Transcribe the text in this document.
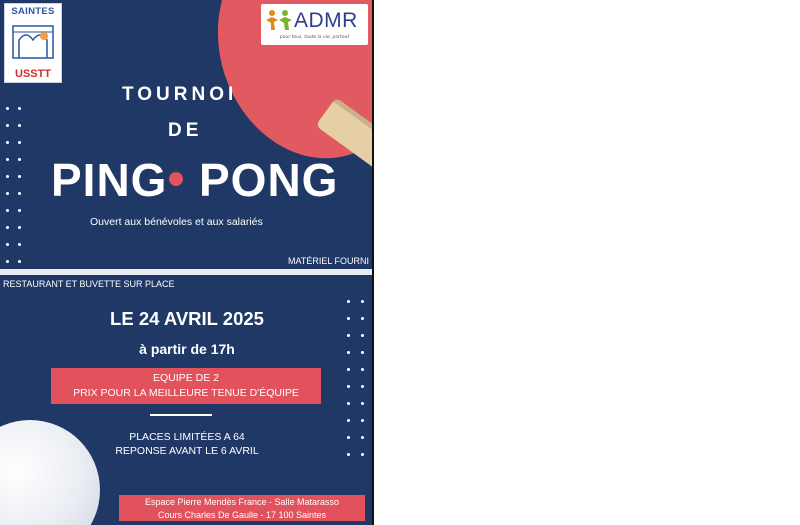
SAINTES
USSTT
ADMR
pour tous, toute la vie, partout
TOURNOI
DE
PING PONG
Ouvert aux bénévoles et aux salariés
MATÉRIEL FOURNI
RESTAURANT ET BUVETTE SUR PLACE
LE 24 AVRIL 2025
à partir de 17h
EQUIPE DE 2
PRIX POUR LA MEILLEURE TENUE D'ÉQUIPE
PLACES LIMITÉES A 64
REPONSE AVANT LE 6 AVRIL
Espace Pierre Mendès France - Salle Matarasso
Cours Charles De Gaulle - 17 100 Saintes
